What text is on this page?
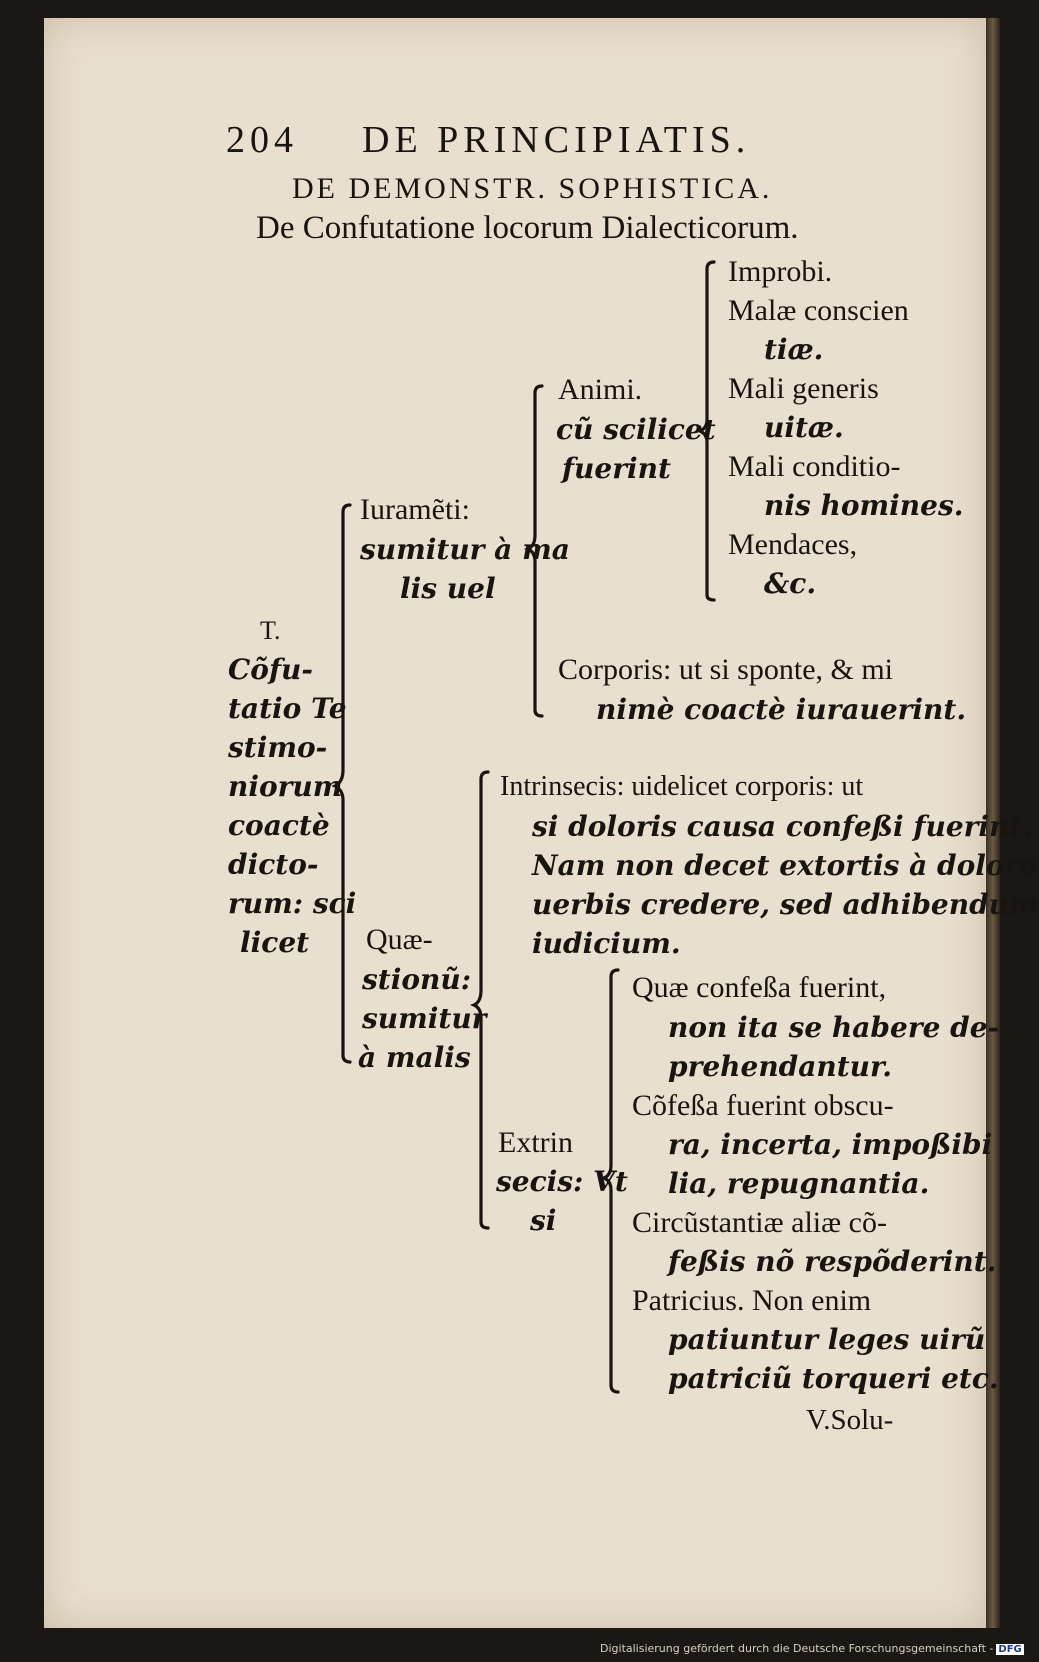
204 DE PRINCIPIATIS.
DE DEMONSTR. SOPHISTICA.
De Confutatione locorum Dialecticorum.
T.
Cõfu-
tatio Te
stimo-
niorum
coactè
dicto-
rum: sci
licet
Iuramẽti:
sumitur à ma
lis uel
Animi.
cũ scilicet
fuerint
Improbi.
Malæ conscien
tiæ.
Mali generis
uitæ.
Mali conditio-
nis homines.
Mendaces,
&c.
Corporis: ut si sponte, & mi
nimè coactè iurauerint.
Quæ-
stionũ:
sumitur
à malis
Intrinsecis: uidelicet corporis: ut
si doloris causa confeßi fuerint.
Nam non decet extortis à dolore
uerbis credere, sed adhibendum
iudicium.
Extrin
secis: Vt
si
Quæ confeßa fuerint,
non ita se habere de-
prehendantur.
Cõfeßa fuerint obscu-
ra, incerta, impoßibi
lia, repugnantia.
Circũstantiæ aliæ cõ-
feßis nõ respõderint.
Patricius. Non enim
patiuntur leges uirũ
patriciũ torqueri etc.
V.Solu-
Digitalisierung gefördert durch die Deutsche Forschungsgemeinschaft - DFG
